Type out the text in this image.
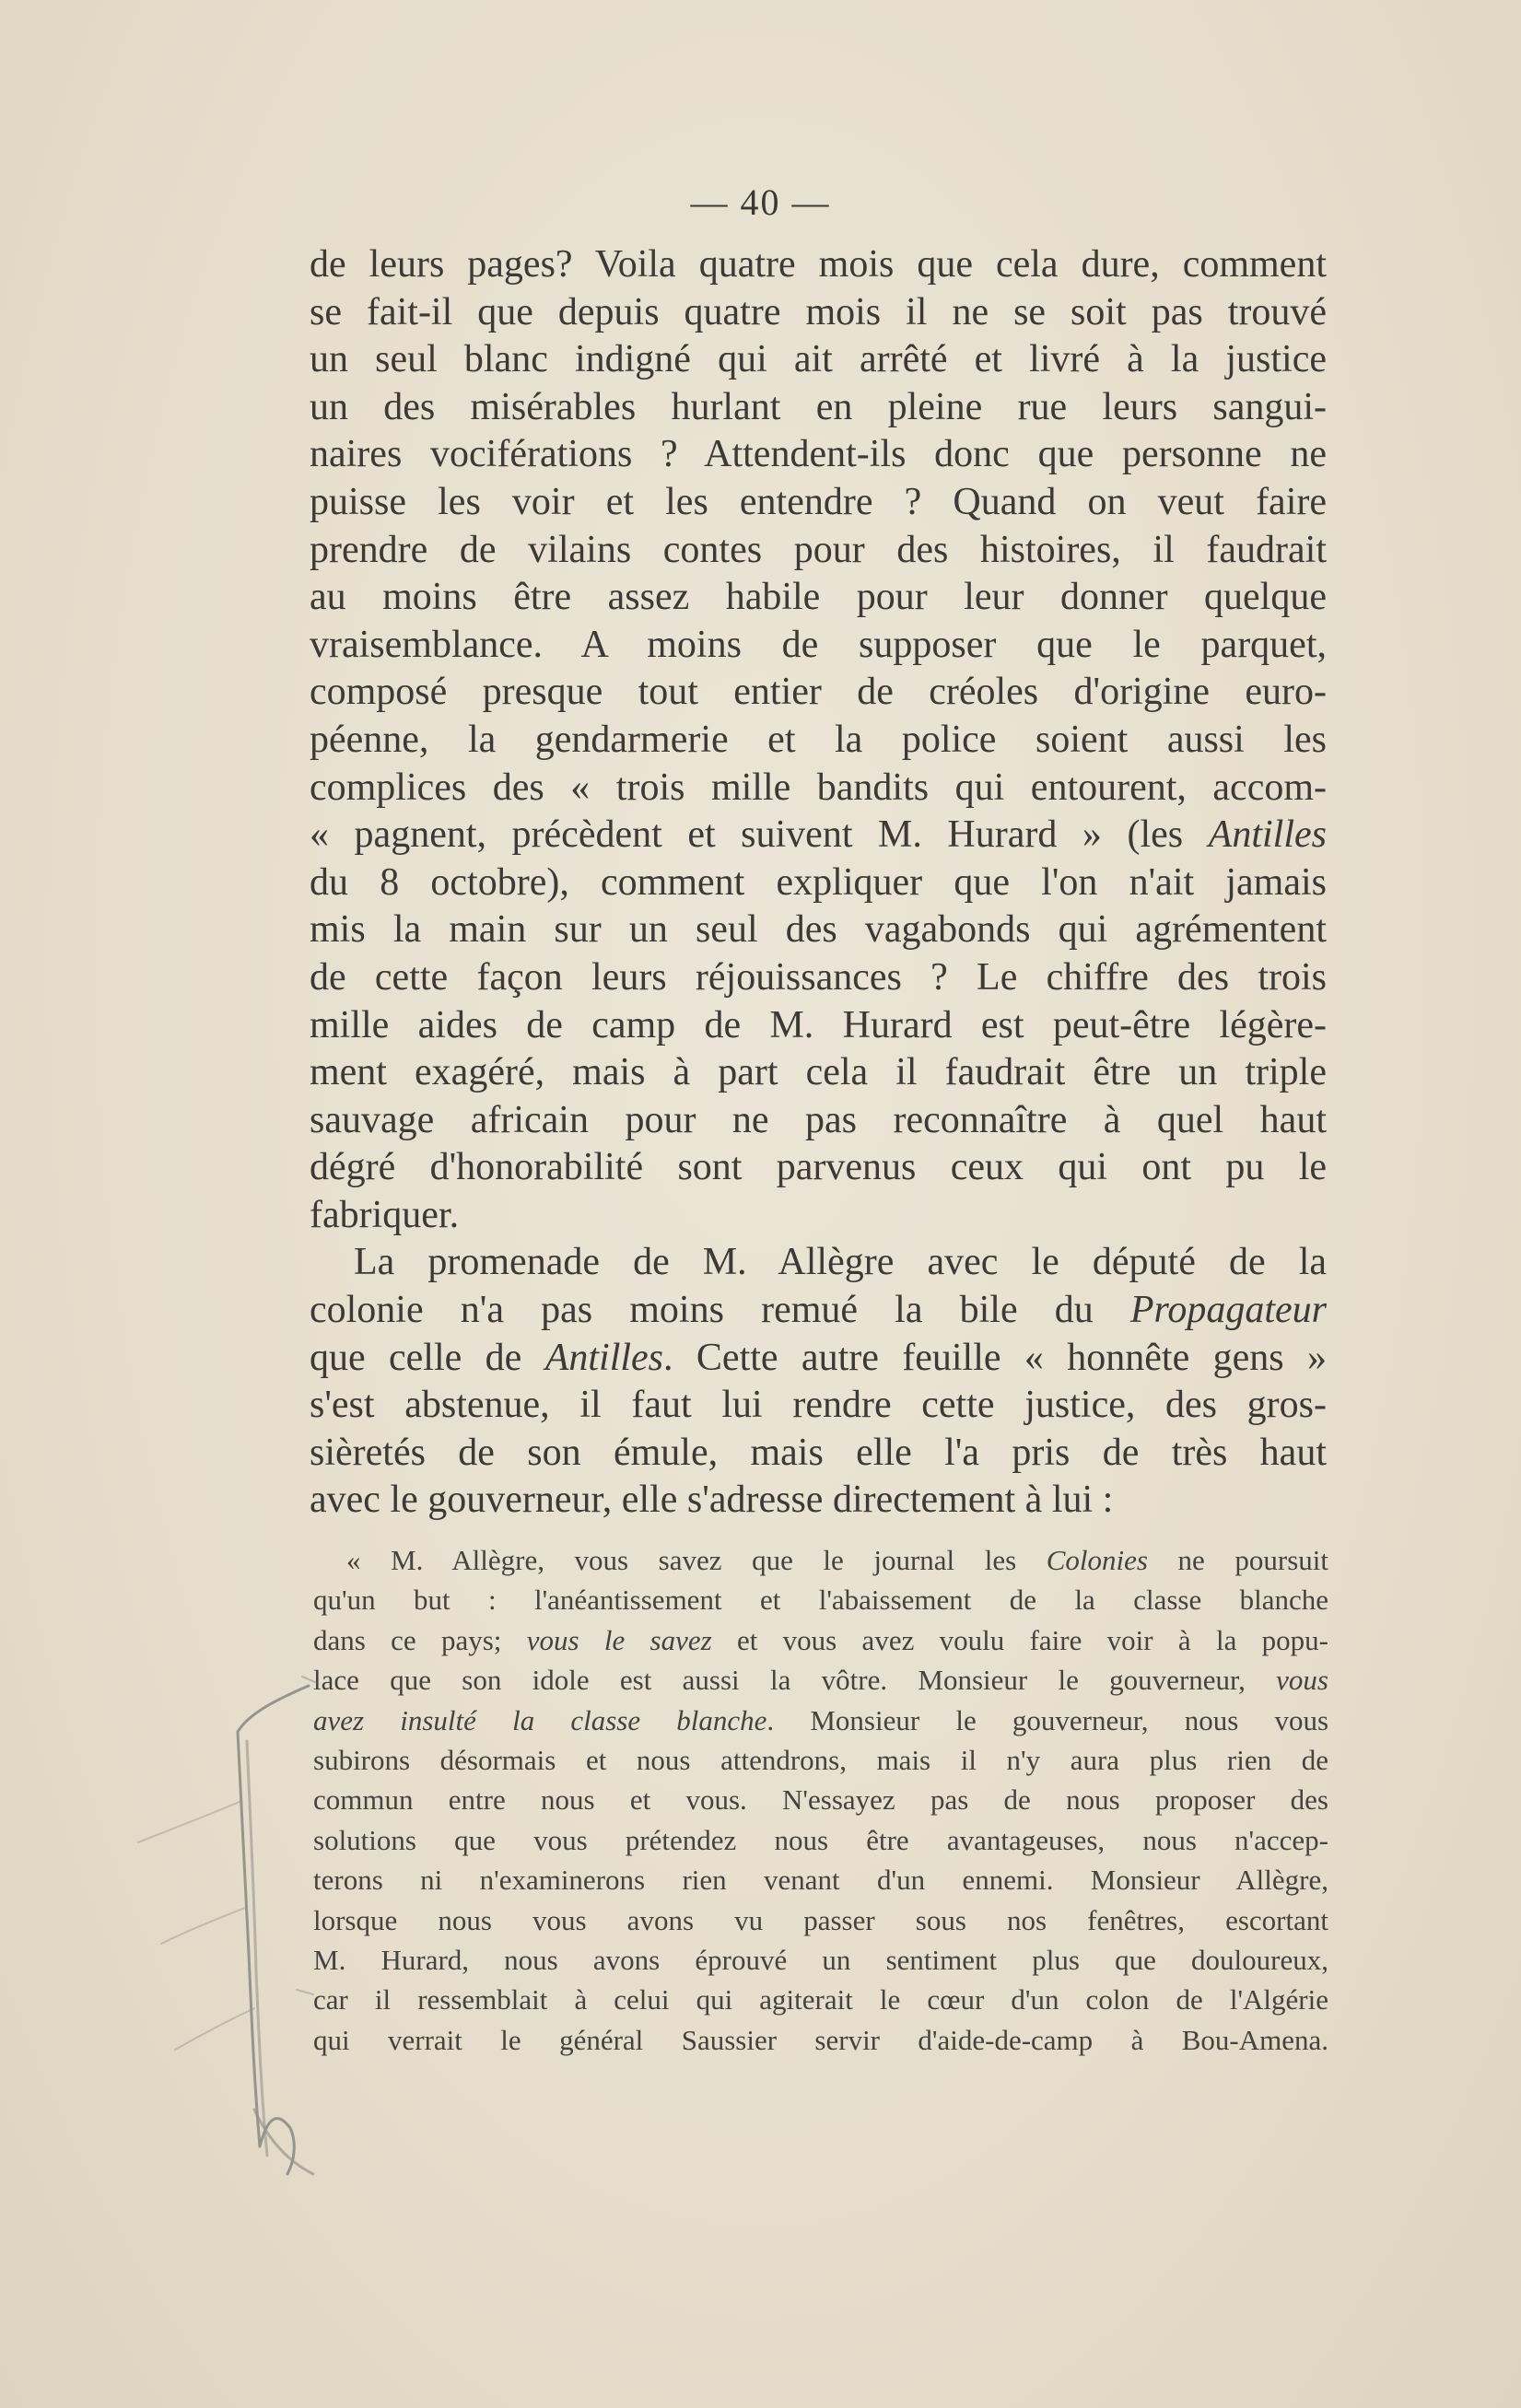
— 40 —

de leurs pages? Voila quatre mois que cela dure, comment
se fait-il que depuis quatre mois il ne se soit pas trouvé
un seul blanc indigné qui ait arrêté et livré à la justice
un des misérables hurlant en pleine rue leurs sangui-
naires vociférations ? Attendent-ils donc que personne ne
puisse les voir et les entendre ? Quand on veut faire
prendre de vilains contes pour des histoires, il faudrait
au moins être assez habile pour leur donner quelque
vraisemblance. A moins de supposer que le parquet,
composé presque tout entier de créoles d'origine euro-
péenne, la gendarmerie et la police soient aussi les
complices des « trois mille bandits qui entourent, accom-
« pagnent, précèdent et suivent M. Hurard » (les Antilles
du 8 octobre), comment expliquer que l'on n'ait jamais
mis la main sur un seul des vagabonds qui agrémentent
de cette façon leurs réjouissances ? Le chiffre des trois
mille aides de camp de M. Hurard est peut-être légère-
ment exagéré, mais à part cela il faudrait être un triple
sauvage africain pour ne pas reconnaître à quel haut
dégré d'honorabilité sont parvenus ceux qui ont pu le
fabriquer.

La promenade de M. Allègre avec le député de la
colonie n'a pas moins remué la bile du Propagateur
que celle de Antilles. Cette autre feuille « honnête gens »
s'est abstenue, il faut lui rendre cette justice, des gros-
sièretés de son émule, mais elle l'a pris de très haut
avec le gouverneur, elle s'adresse directement à lui :

« M. Allègre, vous savez que le journal les Colonies ne poursuit
qu'un but : l'anéantissement et l'abaissement de la classe blanche
dans ce pays; vous le savez et vous avez voulu faire voir à la popu-
lace que son idole est aussi la vôtre. Monsieur le gouverneur, vous
avez insulté la classe blanche. Monsieur le gouverneur, nous vous
subirons désormais et nous attendrons, mais il n'y aura plus rien de
commun entre nous et vous. N'essayez pas de nous proposer des
solutions que vous prétendez nous être avantageuses, nous n'accep-
terons ni n'examinerons rien venant d'un ennemi. Monsieur Allègre,
lorsque nous vous avons vu passer sous nos fenêtres, escortant
M. Hurard, nous avons éprouvé un sentiment plus que douloureux,
car il ressemblait à celui qui agiterait le cœur d'un colon de l'Algérie
qui verrait le général Saussier servir d'aide-de-camp à Bou-Amena.
